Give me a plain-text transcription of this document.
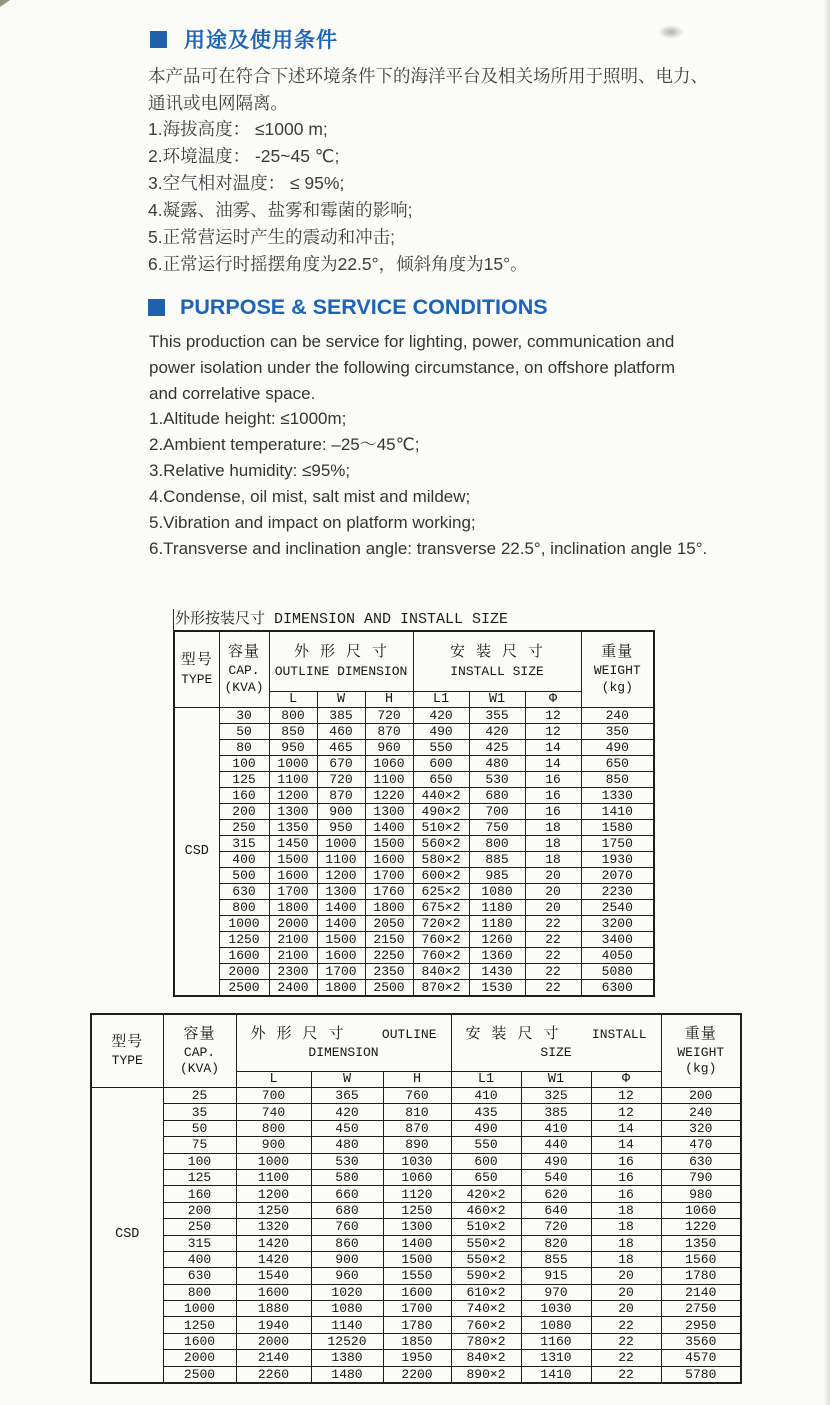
用途及使用条件
本产品可在符合下述环境条件下的海洋平台及相关场所用于照明、电力、
通讯或电网隔离。
1.海拔高度： ≤1000 m;
2.环境温度： -25~45 ℃;
3.空气相对温度： ≤ 95%;
4.凝露、油雾、盐雾和霉菌的影响;
5.正常营运时产生的震动和冲击;
6.正常运行时摇摆角度为22.5°，倾斜角度为15°。
PURPOSE & SERVICE CONDITIONS
This production can be service for lighting, power, communication and
power isolation under the following circumstance, on offshore platform
and correlative space.
1.Altitude height: ≤1000m;
2.Ambient temperature: –25～45℃;
3.Relative humidity: ≤95%;
4.Condense, oil mist, salt mist and mildew;
5.Vibration and impact on platform working;
6.Transverse and inclination angle: transverse 22.5°, inclination angle 15°.
外形按装尺寸 DIMENSION AND INSTALL SIZE
型号
TYPE

容量
CAP.
(KVA)

外 形 尺 寸
OUTLINE DIMENSION

安 装 尺 寸
INSTALL SIZE

重量
WEIGHT
(kg)

		L	W	H	L1	W1	Φ	
CSD	30	800	385	720	420	355	12	240
	50	850	460	870	490	420	12	350
	80	950	465	960	550	425	14	490
	100	1000	670	1060	600	480	14	650
	125	1100	720	1100	650	530	16	850
	160	1200	870	1220	440×2	680	16	1330
	200	1300	900	1300	490×2	700	16	1410
	250	1350	950	1400	510×2	750	18	1580
	315	1450	1000	1500	560×2	800	18	1750
	400	1500	1100	1600	580×2	885	18	1930
	500	1600	1200	1700	600×2	985	20	2070
	630	1700	1300	1760	625×2	1080	20	2230
	800	1800	1400	1800	675×2	1180	20	2540
	1000	2000	1400	2050	720×2	1180	22	3200
	1250	2100	1500	2150	760×2	1260	22	3400
	1600	2100	1600	2250	760×2	1360	22	4050
	2000	2300	1700	2350	840×2	1430	22	5080
	2500	2400	1800	2500	870×2	1530	22	6300
型号
TYPE

容量
CAP.
(KVA)

外 形 尺 寸	OUTLINE
DIMENSION

安 装 尺 寸 INSTALL
SIZE

重量
WEIGHT
(kg)

		L	W	H	L1	W1	Φ	
CSD	25	700	365	760	410	325	12	200
	35	740	420	810	435	385	12	240
	50	800	450	870	490	410	14	320
	75	900	480	890	550	440	14	470
	100	1000	530	1030	600	490	16	630
	125	1100	580	1060	650	540	16	790
	160	1200	660	1120	420×2	620	16	980
	200	1250	680	1250	460×2	640	18	1060
	250	1320	760	1300	510×2	720	18	1220
	315	1420	860	1400	550×2	820	18	1350
	400	1420	900	1500	550×2	855	18	1560
	630	1540	960	1550	590×2	915	20	1780
	800	1600	1020	1600	610×2	970	20	2140
	1000	1880	1080	1700	740×2	1030	20	2750
	1250	1940	1140	1780	760×2	1080	22	2950
	1600	2000	12520	1850	780×2	1160	22	3560
	2000	2140	1380	1950	840×2	1310	22	4570
	2500	2260	1480	2200	890×2	1410	22	5780
